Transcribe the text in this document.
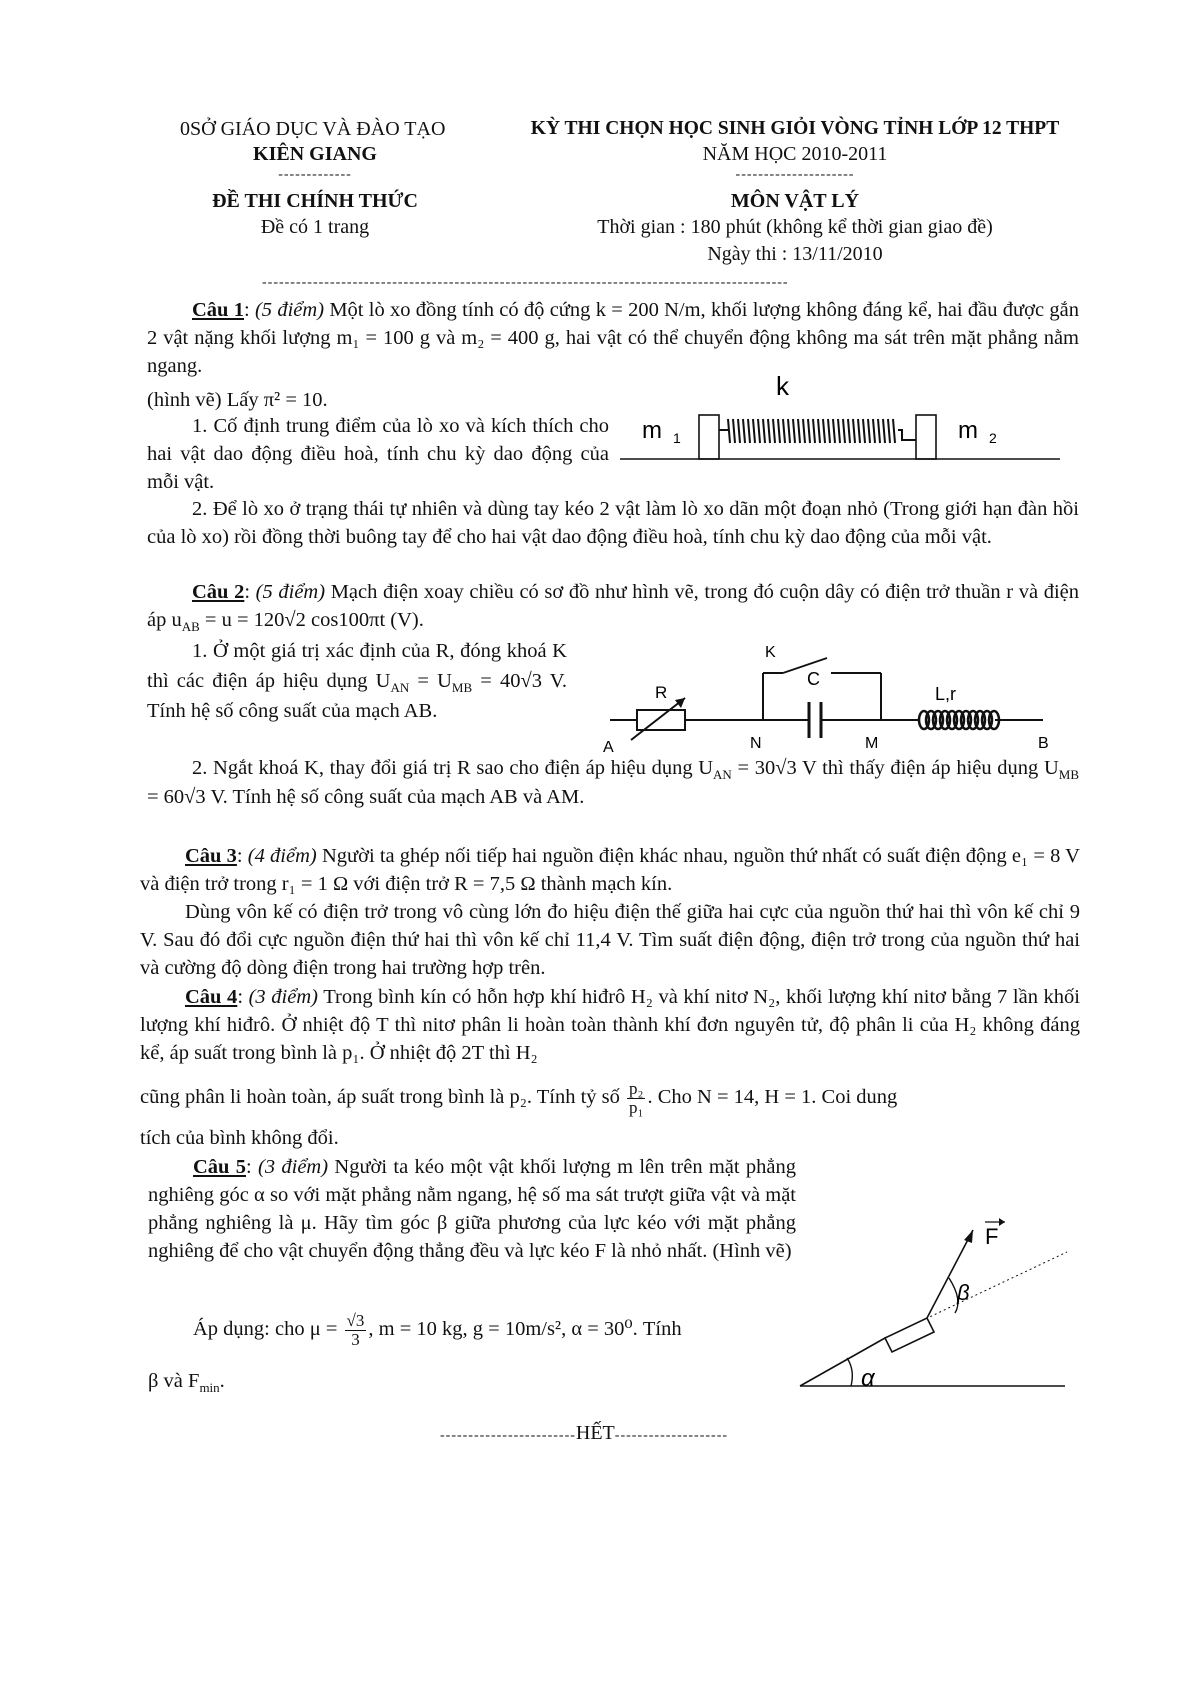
0SỞ GIÁO DỤC VÀ ĐÀO TẠO
KIÊN GIANG
-------------
ĐỀ THI CHÍNH THỨC
Đề có 1 trang
KỲ THI CHỌN HỌC SINH GIỎI VÒNG TỈNH LỚP 12 THPT
NĂM HỌC 2010-2011
---------------------
MÔN VẬT LÝ
Thời gian : 180 phút (không kể thời gian giao đề)
Ngày thi : 13/11/2010
---------------------------------------------------------------------------------------------
Câu 1: (5 điểm) Một lò xo đồng tính có độ cứng k = 200 N/m, khối lượng không đáng kể, hai đầu được gắn 2 vật nặng khối lượng m₁ = 100 g và m₂ = 400 g, hai vật có thể chuyển động không ma sát trên mặt phẳng nằm ngang.
(hình vẽ) Lấy π² = 10.
1. Cố định trung điểm của lò xo và kích thích cho hai vật dao động điều hoà, tính chu kỳ dao động của mỗi vật.
2. Để lò xo ở trạng thái tự nhiên và dùng tay kéo 2 vật làm lò xo dãn một đoạn nhỏ (Trong giới hạn đàn hồi của lò xo) rồi đồng thời buông tay để cho hai vật dao động điều hoà, tính chu kỳ dao động của mỗi vật.
k
m 1	m 2
Câu 2: (5 điểm) Mạch điện xoay chiều có sơ đồ như hình vẽ, trong đó cuộn dây có điện trở thuần r và điện áp $u_{AB} = u = 120√2$ cos100πt (V).
1. Ở một giá trị xác định của R, đóng khoá K thì các điện áp hiệu dụng $U_{AN} = U_{MB} = 40√3$ V. Tính hệ số công suất của mạch AB.
2. Ngắt khoá K, thay đổi giá trị R sao cho điện áp hiệu dụng $U_{AN} = 30√3$ V thì thấy điện áp hiệu dụng $U_{MB} = 60√3$ V. Tính hệ số công suất của mạch AB và AM.
K
R
C
L,r
A	N	M	B
Câu 3: (4 điểm) Người ta ghép nối tiếp hai nguồn điện khác nhau, nguồn thứ nhất có suất điện động e₁ = 8 V và điện trở trong r₁ = 1 Ω với điện trở R = 7,5 Ω thành mạch kín.
Dùng vôn kế có điện trở trong vô cùng lớn đo hiệu điện thế giữa hai cực của nguồn thứ hai thì vôn kế chỉ 9 V. Sau đó đổi cực nguồn điện thứ hai thì vôn kế chỉ 11,4 V. Tìm suất điện động, điện trở trong của nguồn thứ hai và cường độ dòng điện trong hai trường hợp trên.
Câu 4: (3 điểm) Trong bình kín có hỗn hợp khí hiđrô H₂ và khí nitơ N₂, khối lượng khí nitơ bằng 7 lần khối lượng khí hiđrô. Ở nhiệt độ T thì nitơ phân li hoàn toàn thành khí đơn nguyên tử, độ phân li của H₂ không đáng kể, áp suất trong bình là p₁. Ở nhiệt độ 2T thì H₂
cũng phân li hoàn toàn, áp suất trong bình là p₂. Tính tỷ số $\frac{\text{p₂}}{\text{p₁}}$ . Cho N = 14, H = 1. Coi dung
tích của bình không đổi.
Câu 5: (3 điểm) Người ta kéo một vật khối lượng m lên trên mặt phẳng nghiêng góc α so với mặt phẳng nằm ngang, hệ số ma sát trượt giữa vật và mặt phẳng nghiêng là μ. Hãy tìm góc β giữa phương của lực kéo với mặt phẳng nghiêng để cho vật chuyển động thẳng đều và lực kéo F là nhỏ nhất. (Hình vẽ)
Áp dụng: cho $\mu = \frac{√3}{3}$ , m = 10 kg, g = 10m/s², α = 30⁰. Tính
β và $F_{min}$.	α
β
F
------------------------HẾT--------------------
